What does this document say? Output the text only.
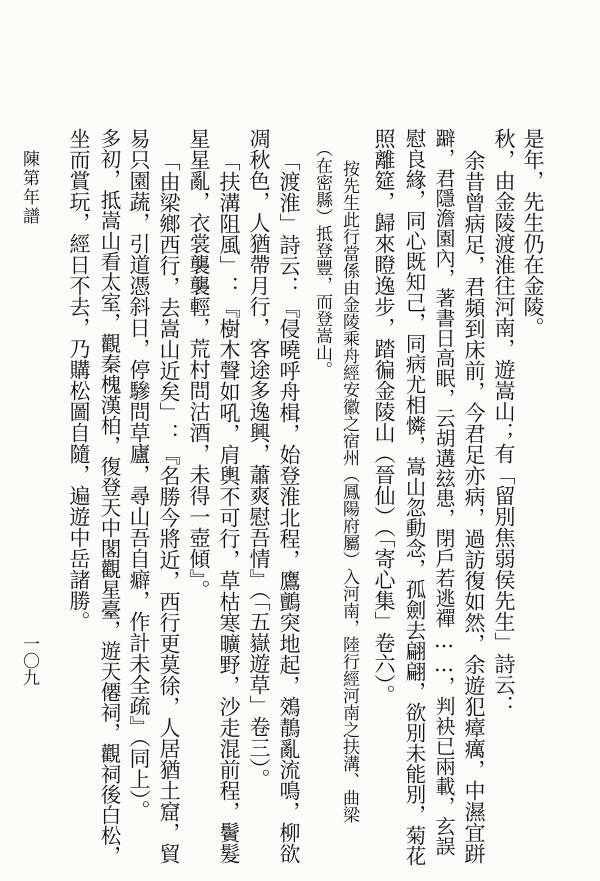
是年，先生仍在金陵。
秋，由金陵渡淮往河南，遊嵩山；有「留別焦弱侯先生」詩云：
余昔曾病足，君頻到床前，今君足亦病，過訪復如然，余遊犯瘴癘，中濕宜跰
躃，君隱澹園內，著書日高眠，云胡遘玆患，閉戶若逃禪……，判袂已兩載，玄誤
慰良緣，同心既知己，同病尤相憐，嵩山忽動念，孤劍去翩翩，欲別未能別，菊花
照離筵，歸來瞪逸步，踏徧金陵山（晉仙）（「寄心集」卷六）。
按先生此行當係由金陵乘舟經安徽之宿州（鳳陽府屬）入河南，陸行經河南之扶溝、曲梁
（在密縣）抵登豐，而登嵩山。
「渡淮」詩云：『侵曉呼舟楫，始登淮北程，鷹鸇突地起，鵁鶄亂流鳴，柳欲
凋秋色，人猶帶月行，客途多逸興，蕭爽慰吾情』（「五嶽遊草」卷三）。
「扶溝阻風」：『樹木聲如吼，肩輿不可行，草枯寒曠野，沙走混前程，鬢髮
星星亂，衣裳襲襲輕，荒村問沽酒，未得一壺傾』。
「由梁鄉西行，去嵩山近矣」：『名勝今將近，西行更莫徐，人居猶土窟，貿
易只園蔬，引道憑斜日，停驂問草廬，尋山吾自癖，作計未全疏』（同上）。
多初，抵嵩山看太室，觀秦槐漢柏，復登天中閣觀星臺，遊天僊祠，觀祠後白松，
坐而賞玩，經日不去，乃購松圖自隨，遍遊中岳諸勝。
陳第年譜
一〇九
